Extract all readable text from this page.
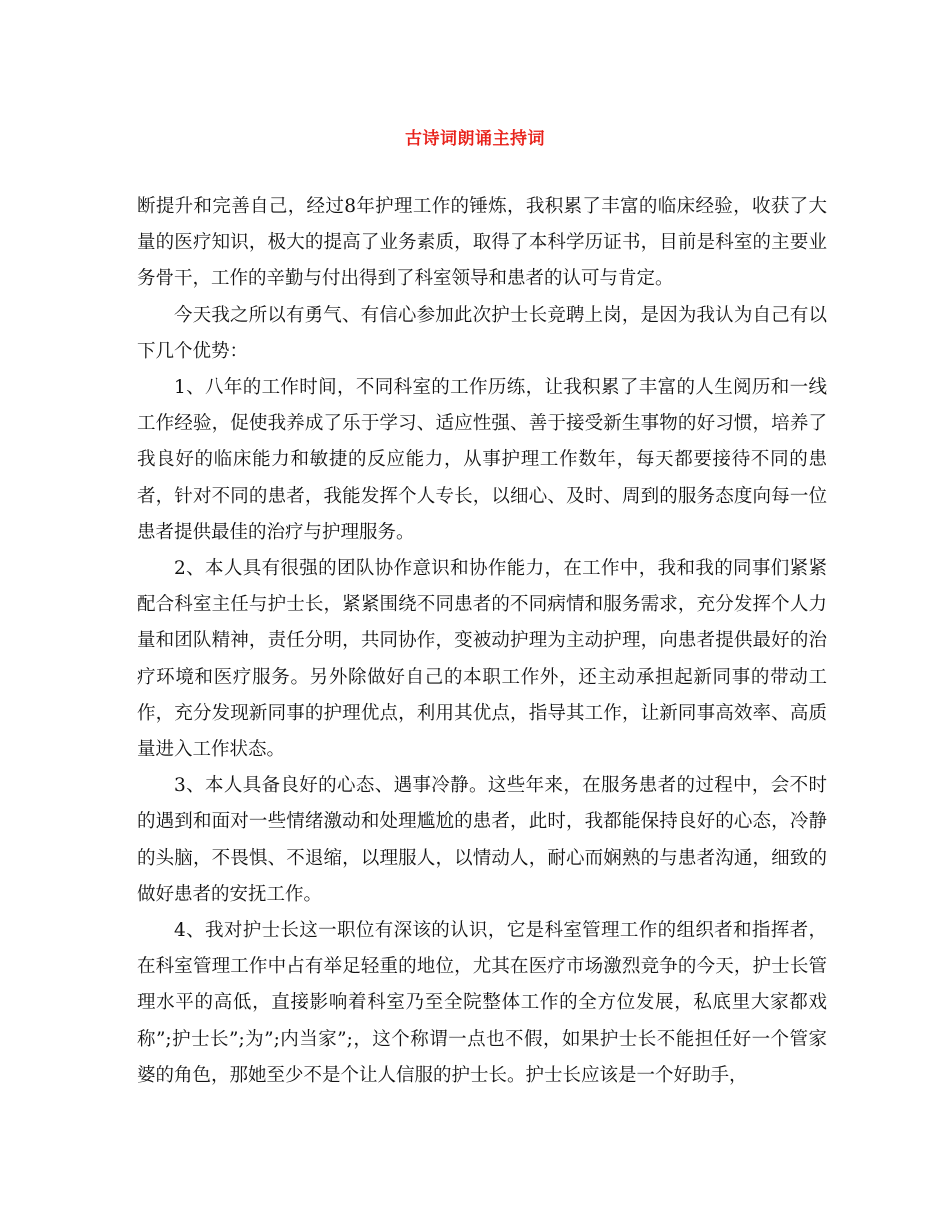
古诗词朗诵主持词

断提升和完善自己，经过8年护理工作的锤炼，我积累了丰富的临床经验，收获了大量的医疗知识，极大的提高了业务素质，取得了本科学历证书，目前是科室的主要业务骨干，工作的辛勤与付出得到了科室领导和患者的认可与肯定。

今天我之所以有勇气、有信心参加此次护士长竞聘上岗，是因为我认为自己有以下几个优势：

1、八年的工作时间，不同科室的工作历练，让我积累了丰富的人生阅历和一线工作经验，促使我养成了乐于学习、适应性强、善于接受新生事物的好习惯，培养了我良好的临床能力和敏捷的反应能力，从事护理工作数年，每天都要接待不同的患者，针对不同的患者，我能发挥个人专长，以细心、及时、周到的服务态度向每一位患者提供最佳的治疗与护理服务。

2、本人具有很强的团队协作意识和协作能力，在工作中，我和我的同事们紧紧配合科室主任与护士长，紧紧围绕不同患者的不同病情和服务需求，充分发挥个人力量和团队精神，责任分明，共同协作，变被动护理为主动护理，向患者提供最好的治疗环境和医疗服务。另外除做好自己的本职工作外，还主动承担起新同事的带动工作，充分发现新同事的护理优点，利用其优点，指导其工作，让新同事高效率、高质量进入工作状态。

3、本人具备良好的心态、遇事冷静。这些年来，在服务患者的过程中，会不时的遇到和面对一些情绪激动和处理尴尬的患者，此时，我都能保持良好的心态，冷静的头脑，不畏惧、不退缩，以理服人，以情动人，耐心而娴熟的与患者沟通，细致的做好患者的安抚工作。

4、我对护士长这一职位有深该的认识，它是科室管理工作的组织者和指挥者，在科室管理工作中占有举足轻重的地位，尤其在医疗市场激烈竞争的今天，护士长管理水平的高低，直接影响着科室乃至全院整体工作的全方位发展，私底里大家都戏称”;护士长”;为”;内当家”;，这个称谓一点也不假，如果护士长不能担任好一个管家婆的角色，那她至少不是个让人信服的护士长。护士长应该是一个好助手，
